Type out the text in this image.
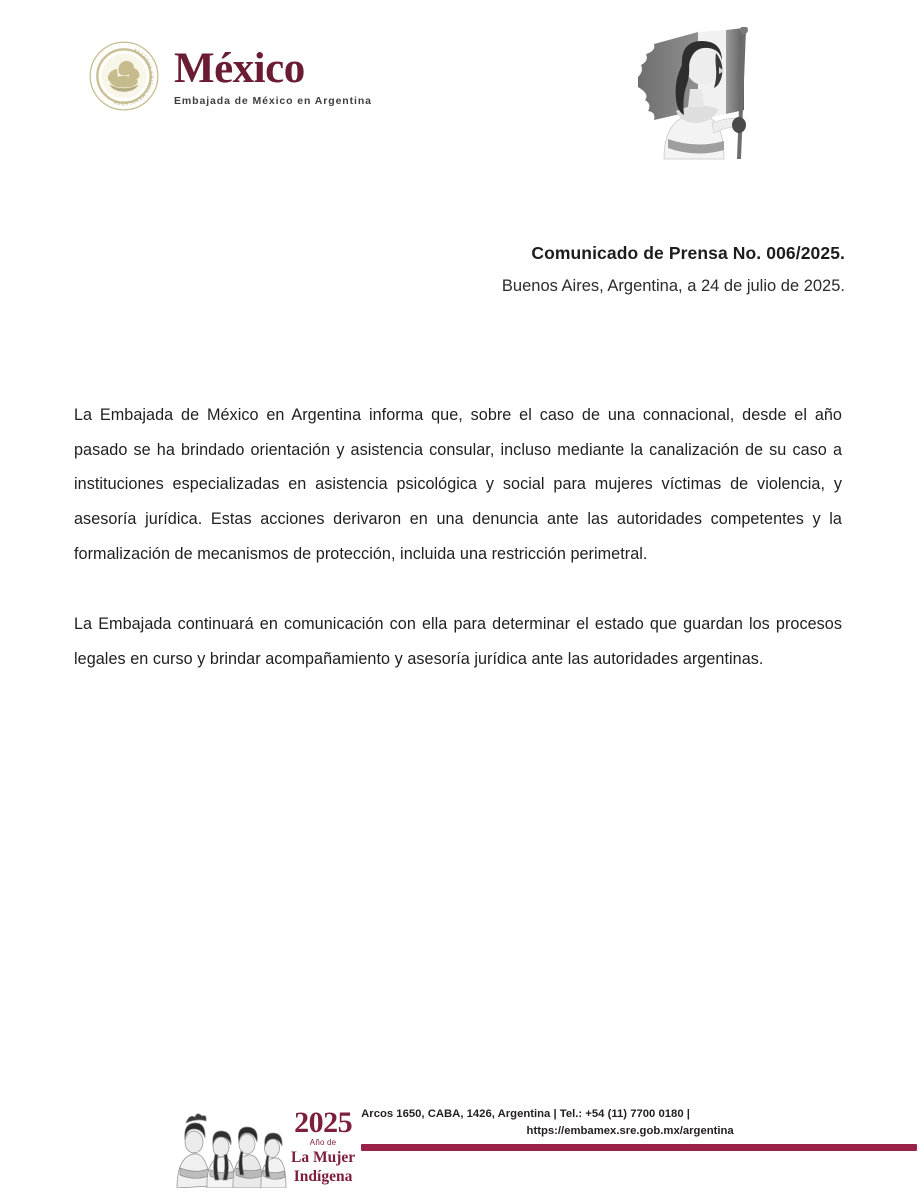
ESTADOS UNIDOS MEXICANOS
México
Embajada de México en Argentina
Comunicado de Prensa No. 006/2025.
Buenos Aires, Argentina, a 24 de julio de 2025.

La Embajada de México en Argentina informa que, sobre el caso de una connacional, desde el año pasado se ha brindado orientación y asistencia consular, incluso mediante la canalización de su caso a instituciones especializadas en asistencia psicológica y social para mujeres víctimas de violencia, y asesoría jurídica. Estas acciones derivaron en una denuncia ante las autoridades competentes y la formalización de mecanismos de protección, incluida una restricción perimetral.

La Embajada continuará en comunicación con ella para determinar el estado que guardan los procesos legales en curso y brindar acompañamiento y asesoría jurídica ante las autoridades argentinas.

2025
Año de
La Mujer
Indígena
Arcos 1650, CABA, 1426, Argentina | Tel.: +54 (11) 7700 0180 |
https://embamex.sre.gob.mx/argentina
